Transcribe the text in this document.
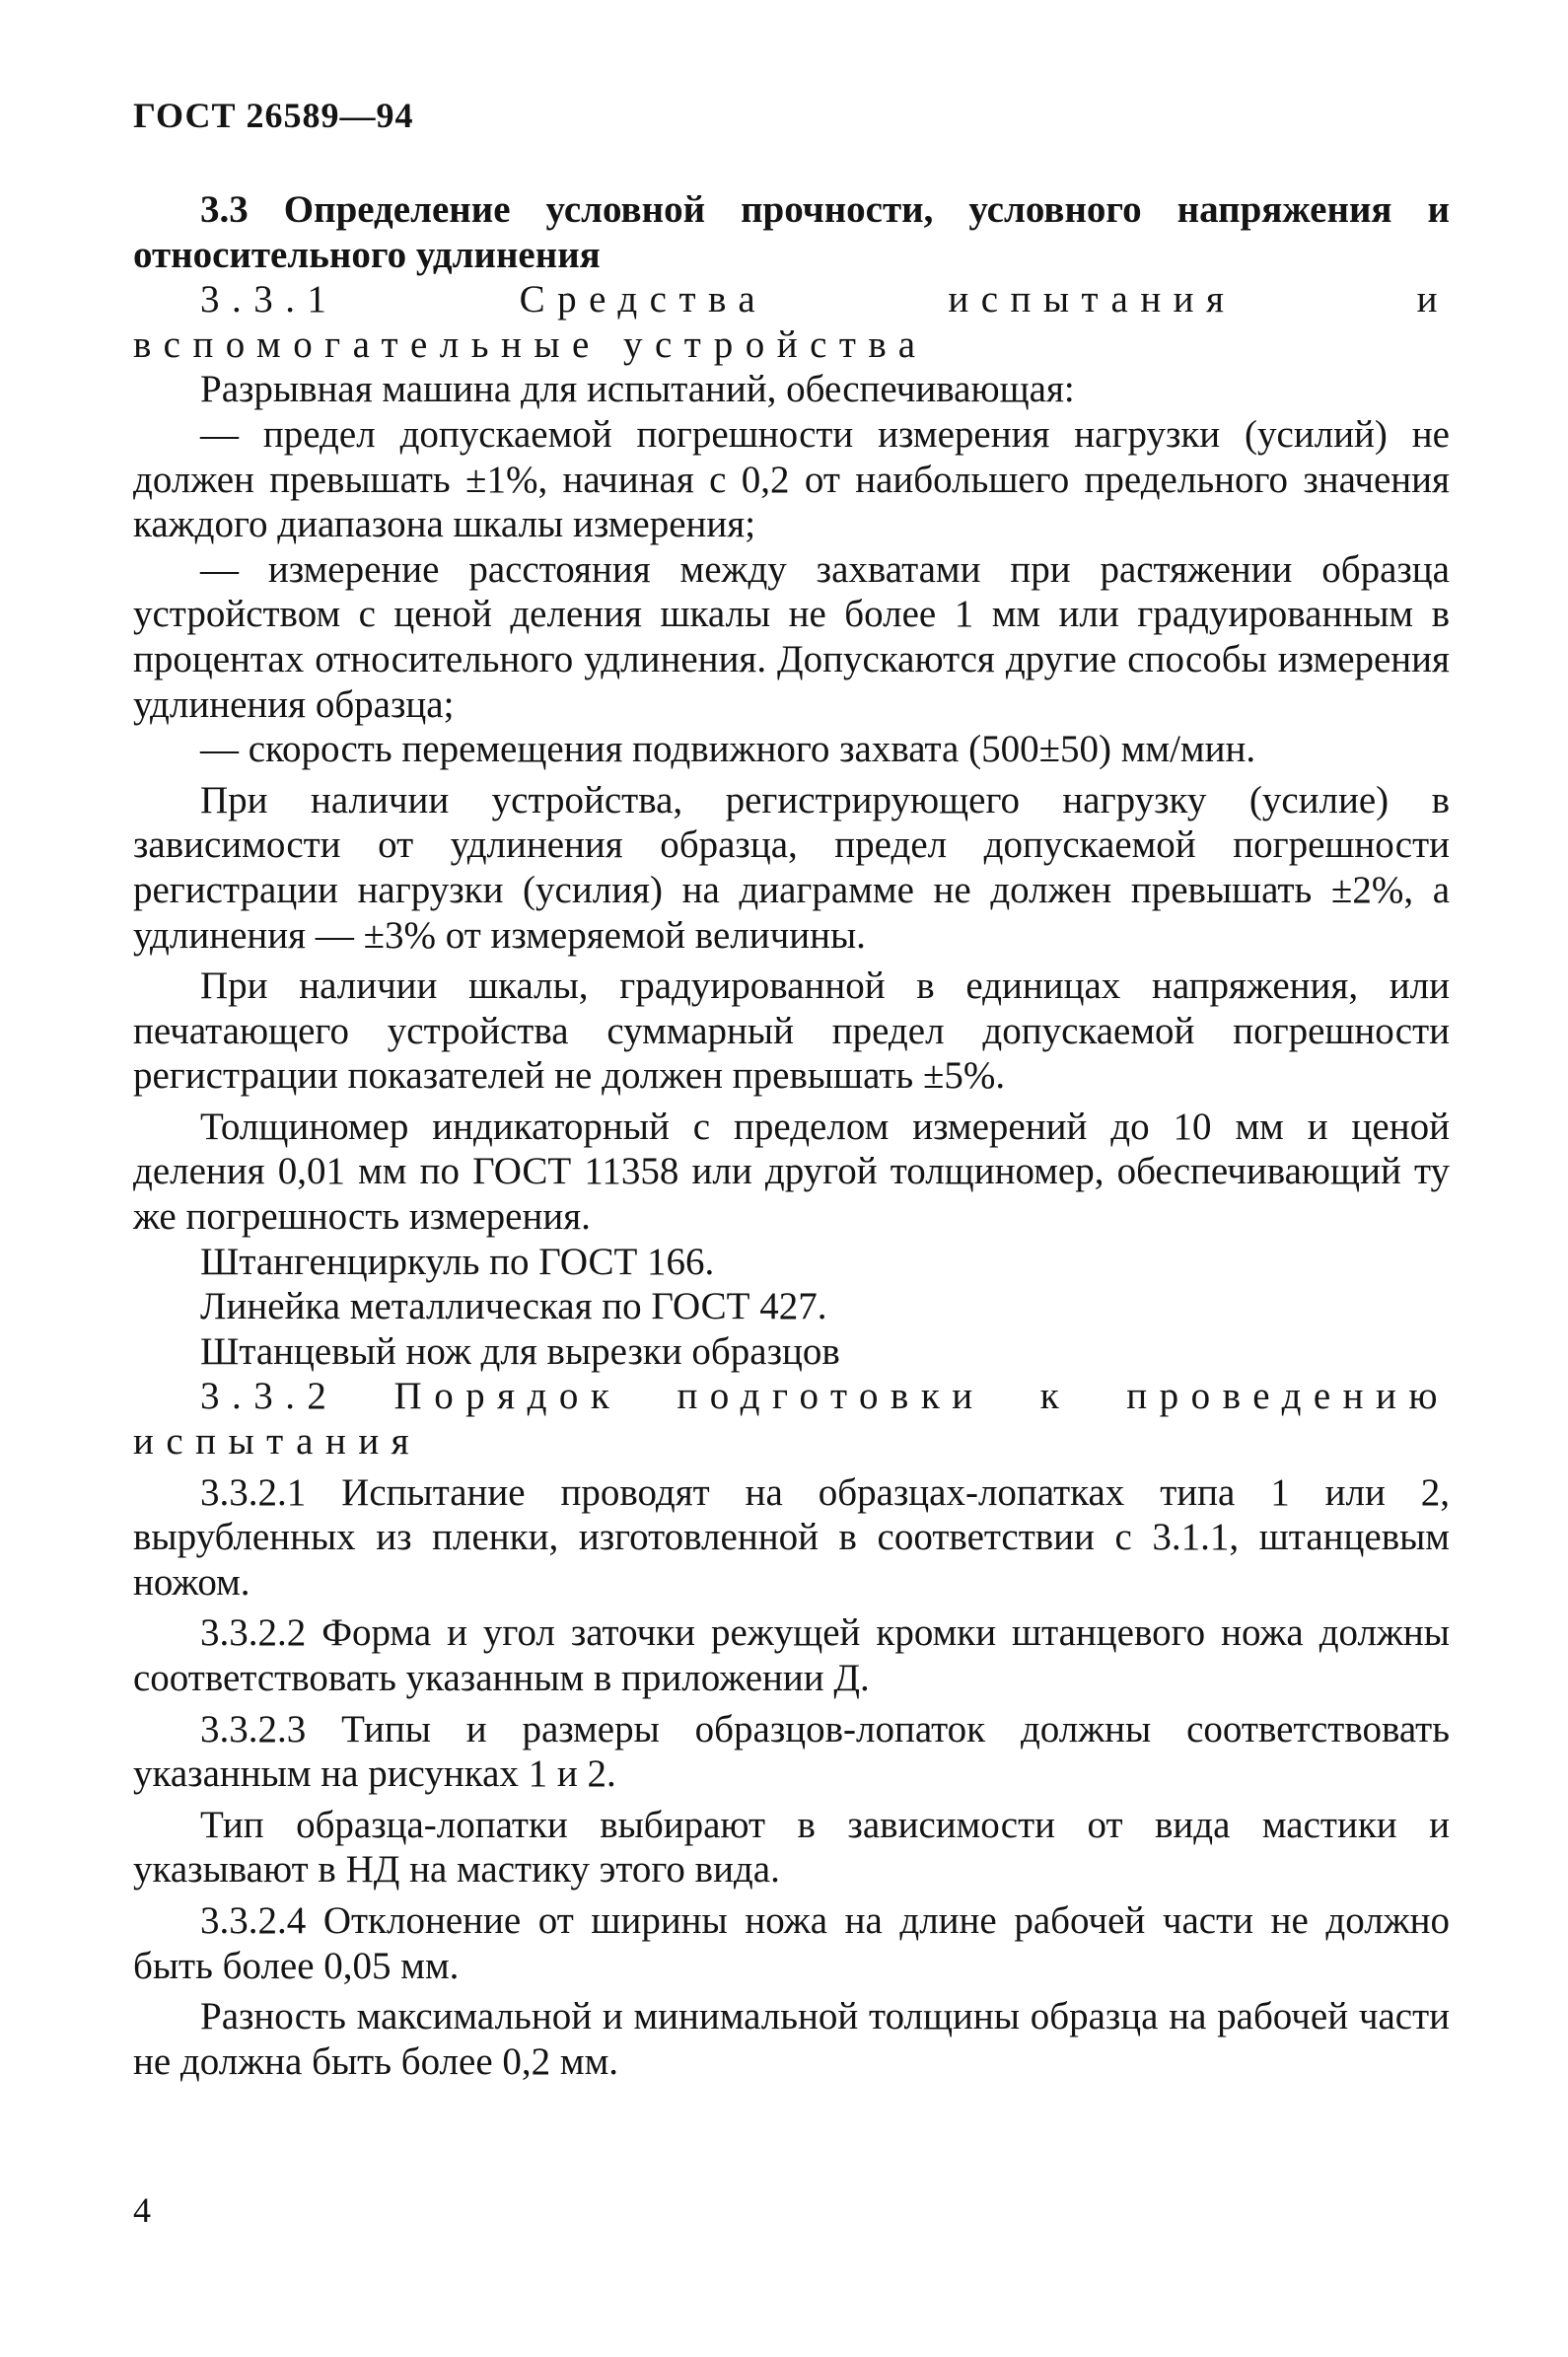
ГОСТ 26589—94

3.3 Определение условной прочности, условного напряжения и относительного удлинения

3.3.1	Средства испытания и вспомогательные устройства

Разрывная машина для испытаний, обеспечивающая:

— предел допускаемой погрешности измерения нагрузки (усилий) не должен превышать ±1%, начиная с 0,2 от наибольшего предельного значения каждого диапазона шкалы измерения;

— измерение расстояния между захватами при растяжении образца устройством с ценой деления шкалы не более 1 мм или градуированным в процентах относительного удлинения. Допускаются другие способы измерения удлинения образца;

— скорость перемещения подвижного захвата (500±50) мм/мин.

При наличии устройства, регистрирующего нагрузку (усилие) в зависимости от удлинения образца, предел допускаемой погрешности регистрации нагрузки (усилия) на диаграмме не должен превышать ±2%, а удлинения — ±3% от измеряемой величины.

При наличии шкалы, градуированной в единицах напряжения, или печатающего устройства суммарный предел допускаемой погрешности регистрации показателей не должен превышать ±5%.

Толщиномер индикаторный с пределом измерений до 10 мм и ценой деления 0,01 мм по ГОСТ 11358 или другой толщиномер, обеспечивающий ту же погрешность измерения.

Штангенциркуль по ГОСТ 166.

Линейка металлическая по ГОСТ 427.

Штанцевый нож для вырезки образцов

3.3.2 Порядок подготовки к проведению испытания

3.3.2.1 Испытание проводят на образцах-лопатках типа 1 или 2, вырубленных из пленки, изготовленной в соответствии с 3.1.1, штанцевым ножом.

3.3.2.2 Форма и угол заточки режущей кромки штанцевого ножа должны соответствовать указанным в приложении Д.

3.3.2.3 Типы и размеры образцов-лопаток должны соответствовать указанным на рисунках 1 и 2.

Тип образца-лопатки выбирают в зависимости от вида мастики и указывают в НД на мастику этого вида.

3.3.2.4 Отклонение от ширины ножа на длине рабочей части не должно быть более 0,05 мм.

Разность максимальной и минимальной толщины образца на рабочей части не должна быть более 0,2 мм.

4
